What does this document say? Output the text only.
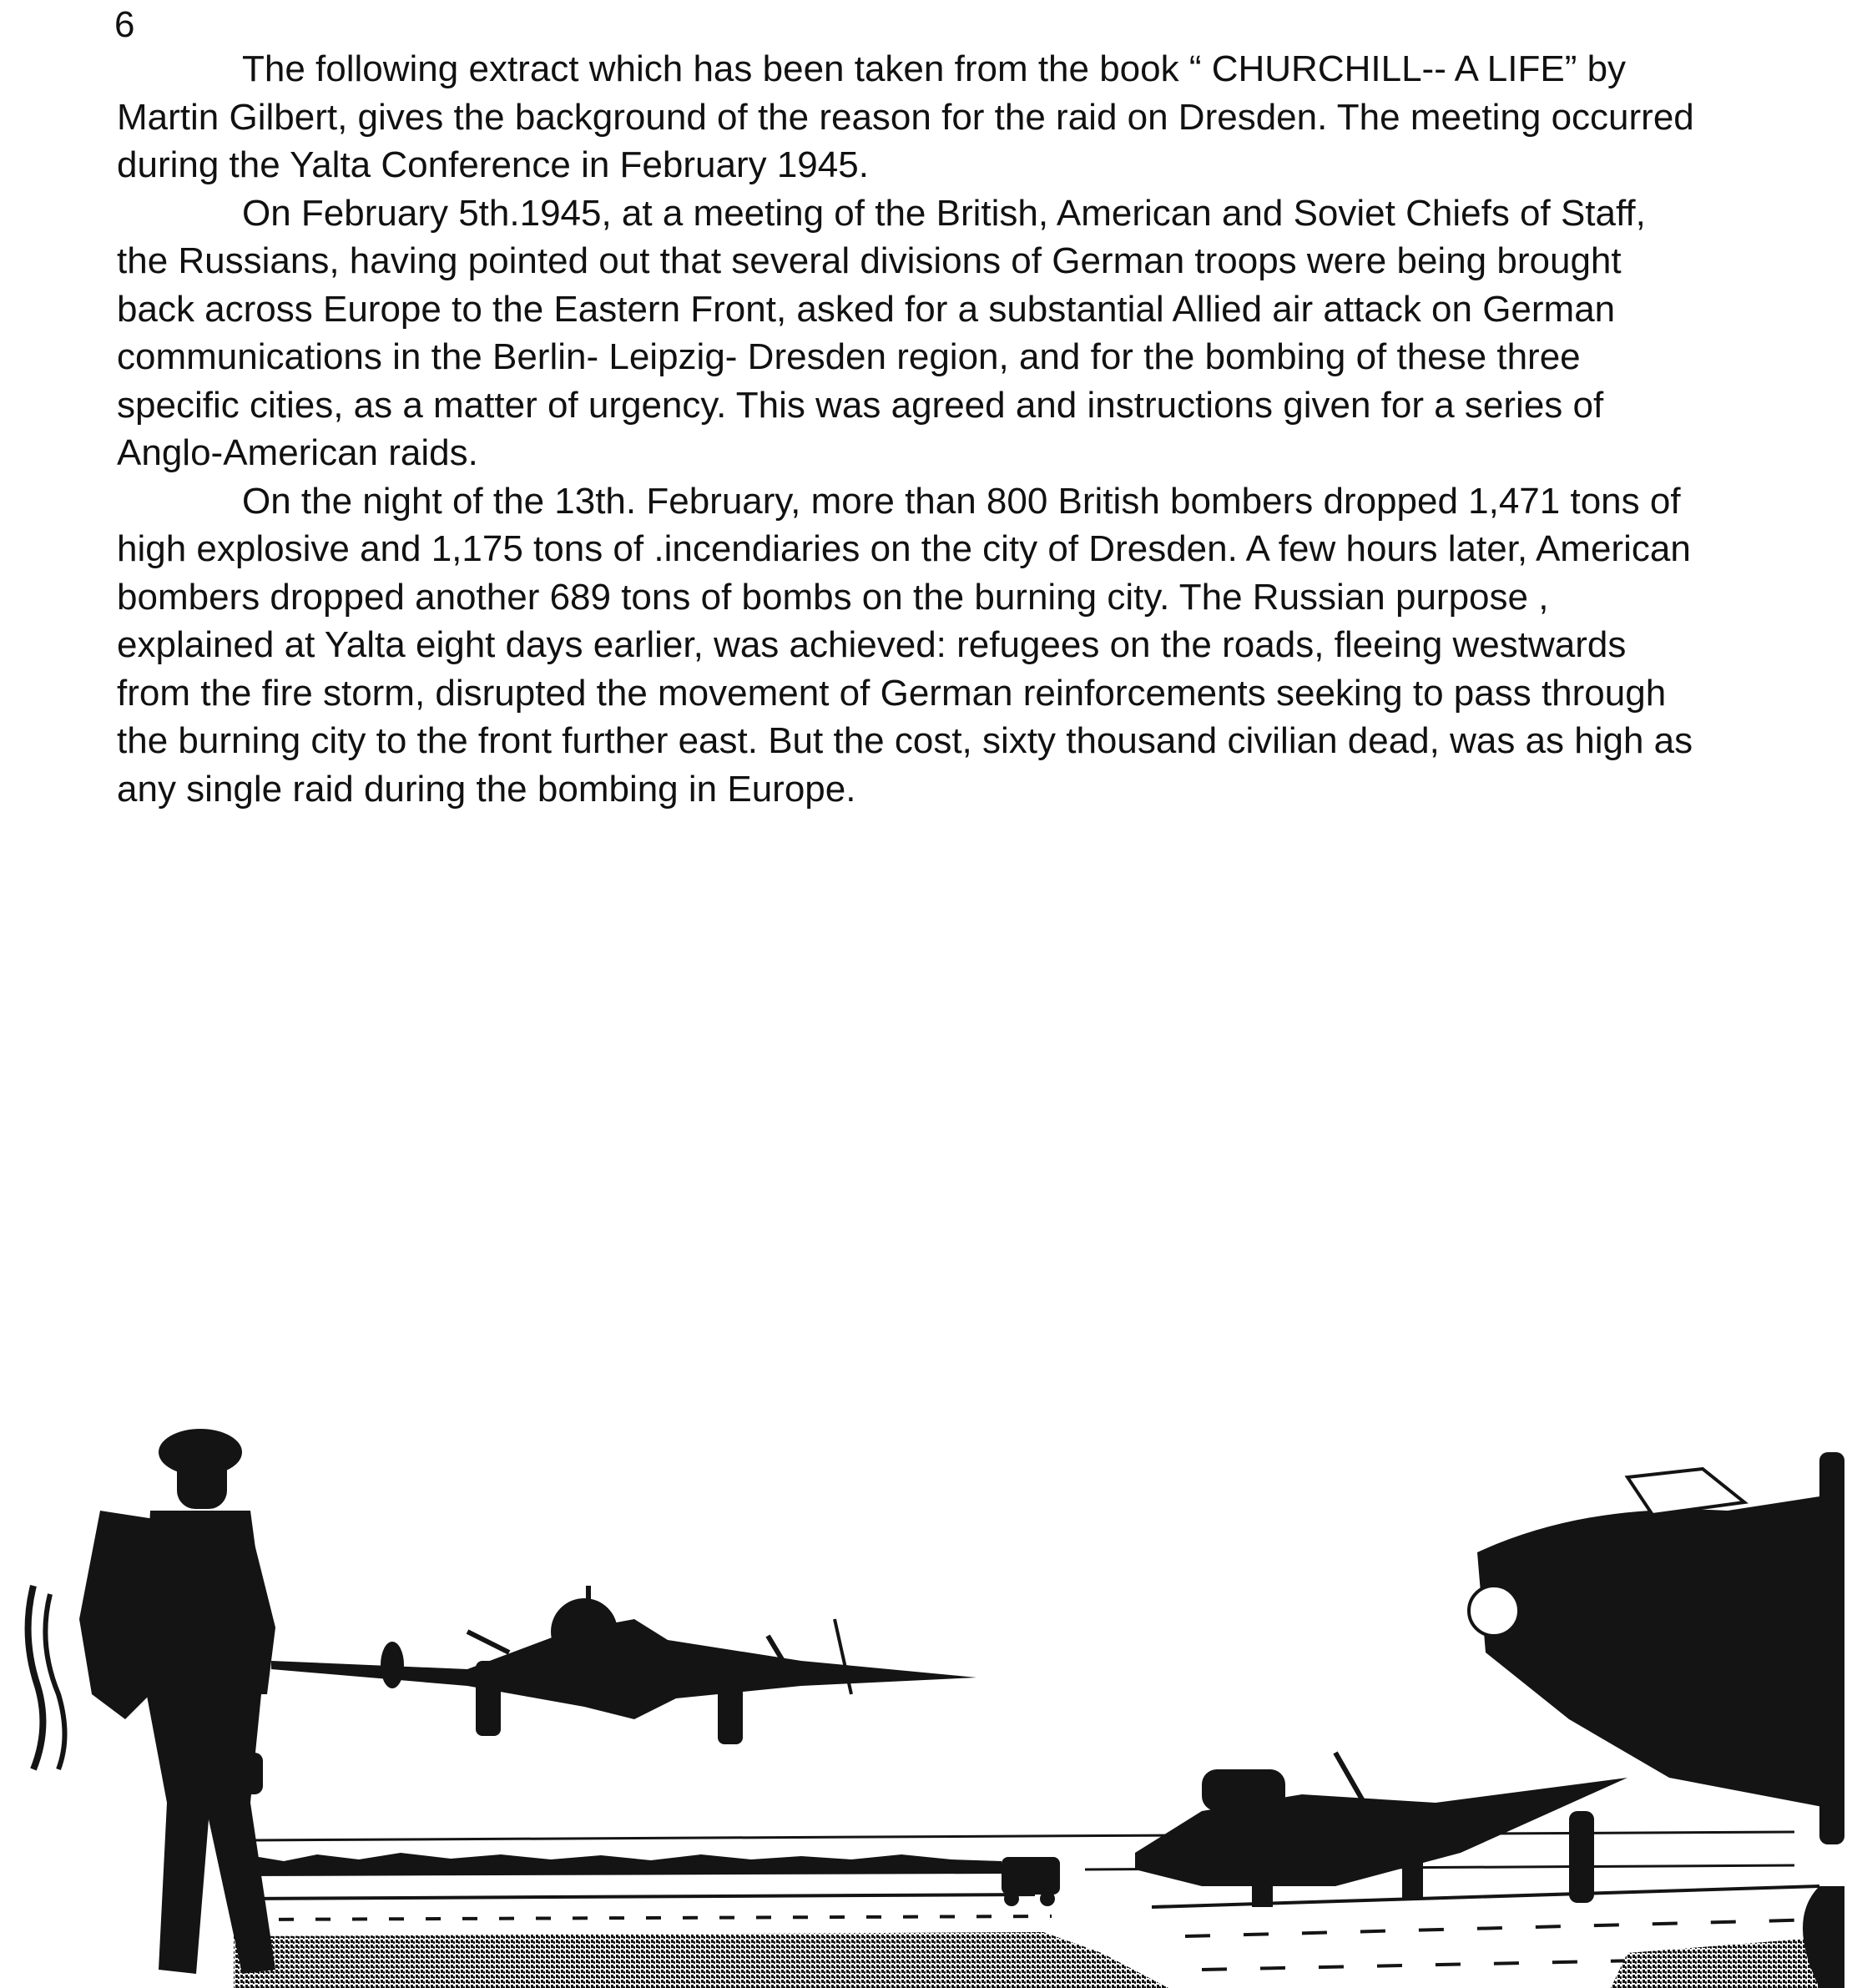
6

The following extract which has been taken from the book “ CHURCHILL-- A LIFE” by Martin Gilbert, gives the background of the reason for the raid on Dresden. The meeting occurred during the Yalta Conference in February 1945.

On February 5th.1945, at a meeting of the British, American and Soviet Chiefs of Staff, the Russians, having pointed out that several divisions of German troops were being brought back across Europe to the Eastern Front, asked for a substantial Allied air attack on German communications in the Berlin- Leipzig- Dresden region, and for the bombing of these three specific cities, as a matter of urgency. This was agreed and instructions given for a series of Anglo-American raids.

On the night of the 13th. February, more than 800 British bombers dropped 1,471 tons of high explosive and 1,175 tons of .incendiaries on the city of Dresden. A few hours later, American bombers dropped another 689 tons of bombs on the burning city. The Russian purpose , explained at Yalta eight days earlier, was achieved: refugees on the roads, fleeing westwards from the fire storm, disrupted the movement of German reinforcements seeking to pass through the burning city to the front further east. But the cost, sixty thousand civilian dead, was as high as any single raid during the bombing in Europe.
